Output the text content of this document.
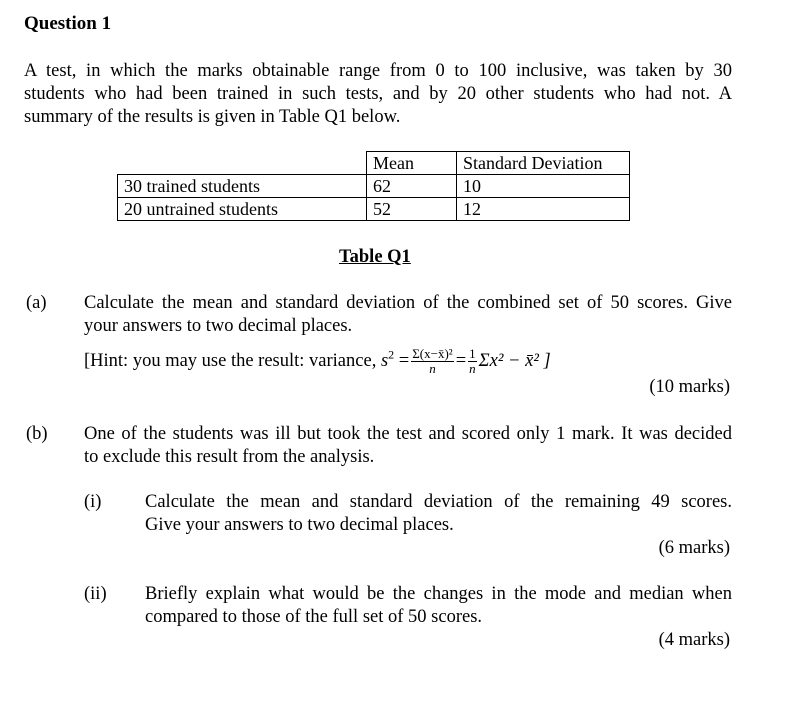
Question 1
A test, in which the marks obtainable range from 0 to 100 inclusive, was taken by 30
students who had been trained in such tests, and by 20 other students who had not. A
summary of the results is given in Table Q1 below.
	Mean	Standard Deviation
30 trained students	62	10
20 untrained students	52	12
Table Q1
(a) Calculate the mean and standard deviation of the combined set of 50 scores. Give
your answers to two decimal places.
[Hint: you may use the result: variance, $s^2 = \frac{\text{Σ(x−x̄)²}}{n} = \frac{1}{n} \Sigma x^2$ − x̄² ]
(10 marks)
(b) One of the students was ill but took the test and scored only 1 mark. It was decided
to exclude this result from the analysis.
(i) Calculate the mean and standard deviation of the remaining 49 scores.
Give your answers to two decimal places.
(6 marks)
(ii) Briefly explain what would be the changes in the mode and median when
compared to those of the full set of 50 scores.
(4 marks)
